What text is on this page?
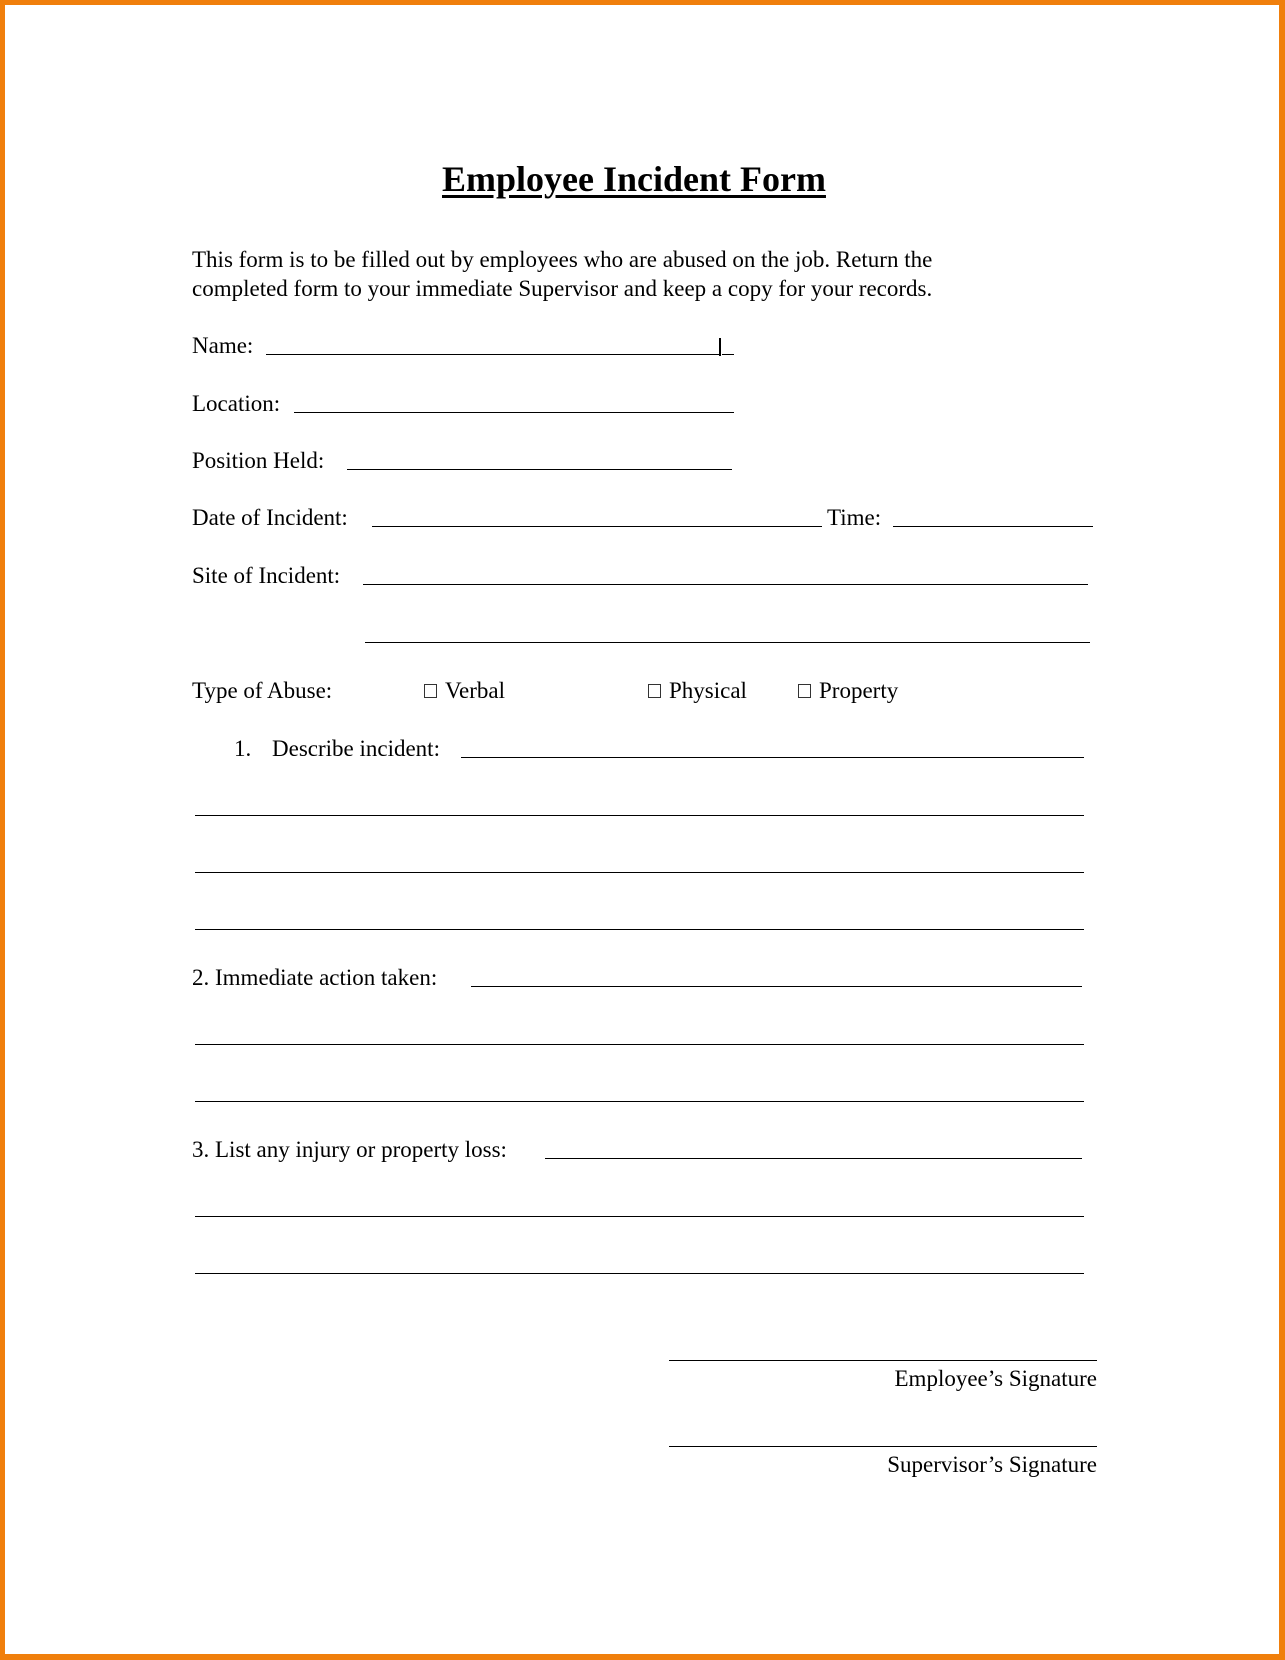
Employee Incident Form
This form is to be filled out by employees who are abused on the job. Return the
completed form to your immediate Supervisor and keep a copy for your records.
Name:
Location:
Position Held:
Date of Incident:	Time:
Site of Incident:
Type of Abuse:	Verbal	Physical	Property
1. Describe incident:
2. Immediate action taken:
3. List any injury or property loss:
Employee’s Signature
Supervisor’s Signature
